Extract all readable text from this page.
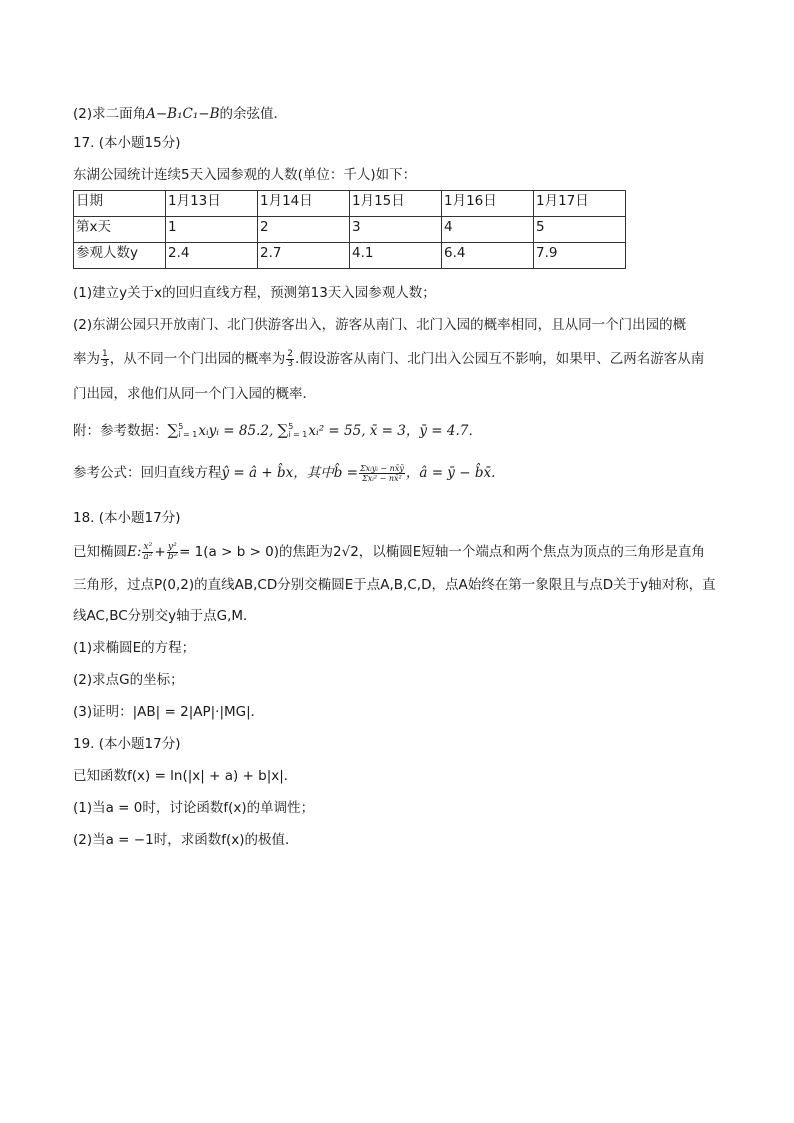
(2)求二面角A−B₁C₁−B的余弦值．
17. (本小题15分)
东湖公园统计连续5天入园参观的人数(单位：千人)如下：
日期	1月13日	1月14日	1月15日	1月16日	1月17日
第x天	1	2	3	4	5
参观人数y	2.4	2.7	4.1	6.4	7.9
(1)建立y关于x的回归直线方程，预测第13天入园参观人数；
(2)东湖公园只开放南门、北门供游客出入，游客从南门、北门入园的概率相同，且从同一个门出园的概
率为 $\frac{1}{3}$ ，从不同一个门出园的概率为 $\frac{2}{3}$ .假设游客从南门、北门出入公园互不影响，如果甲、乙两名游客从南
门出园，求他们从同一个门入园的概率．
附：参考数据：∑ 5
i = 1 xᵢyᵢ = 85.2, ∑ 5
i = 1 xᵢ² = 55, x̄ = 3，ȳ = 4.7．
参考公式：回归直线方程ŷ = â + b̂x，其中b̂ = $\frac{\text{Σxᵢyᵢ − nx̄ȳ}}{\text{Σxᵢ² − nx̄²}}$ ，â = ȳ − b̂x̄.
18. (本小题17分)
已知椭圆E: $\frac{\text{x²}}{\text{a²}} + \frac{\text{y²}}{\text{b²}} = 1(a > b > 0)$的焦距为2√2，以椭圆E短轴一个端点和两个焦点为顶点的三角形是直角
三角形，过点P(0,2)的直线AB,CD分别交椭圆E于点A,B,C,D，点A始终在第一象限且与点D关于y轴对称，直
线AC,BC分别交y轴于点G,M．
(1)求椭圆E的方程；
(2)求点G的坐标；
(3)证明：|AB| = 2|AP|·|MG|．
19. (本小题17分)
已知函数f(x) = ln(|x| + a) + b|x|．
(1)当a = 0时，讨论函数f(x)的单调性；
(2)当a = −1时，求函数f(x)的极值．
